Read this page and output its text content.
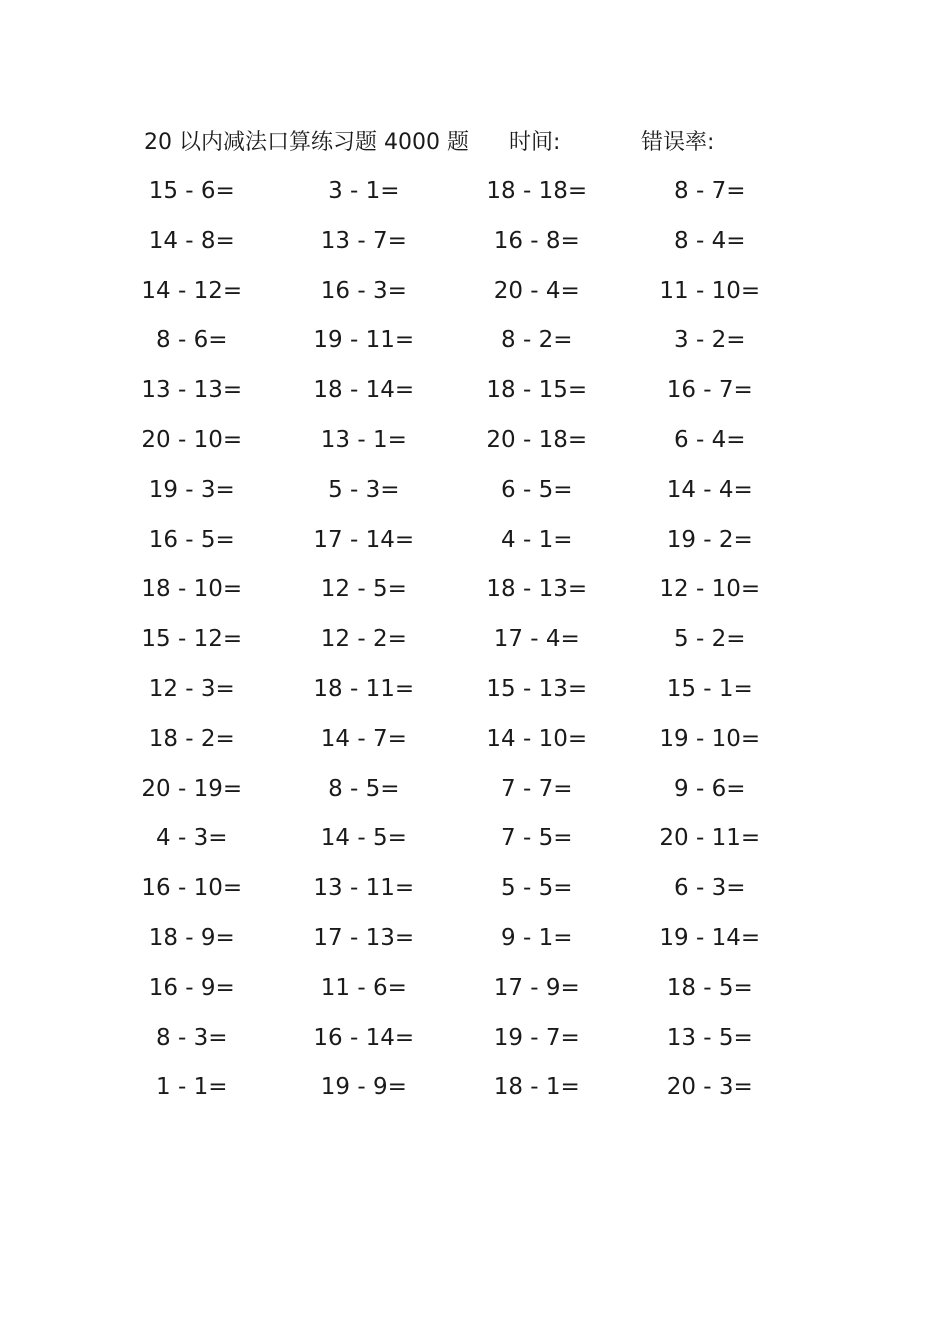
20 以内减法口算练习题 4000 题 时间:	错误率:
15 - 6=	3 - 1=	18 - 18=	8 - 7=
14 - 8=	13 - 7=	16 - 8=	8 - 4=
14 - 12=	16 - 3=	20 - 4=	11 - 10=
8 - 6=	19 - 11=	8 - 2=	3 - 2=
13 - 13=	18 - 14=	18 - 15=	16 - 7=
20 - 10=	13 - 1=	20 - 18=	6 - 4=
19 - 3=	5 - 3=	6 - 5=	14 - 4=
16 - 5=	17 - 14=	4 - 1=	19 - 2=
18 - 10=	12 - 5=	18 - 13=	12 - 10=
15 - 12=	12 - 2=	17 - 4=	5 - 2=
12 - 3=	18 - 11=	15 - 13=	15 - 1=
18 - 2=	14 - 7=	14 - 10=	19 - 10=
20 - 19=	8 - 5=	7 - 7=	9 - 6=
4 - 3=	14 - 5=	7 - 5=	20 - 11=
16 - 10=	13 - 11=	5 - 5=	6 - 3=
18 - 9=	17 - 13=	9 - 1=	19 - 14=
16 - 9=	11 - 6=	17 - 9=	18 - 5=
8 - 3=	16 - 14=	19 - 7=	13 - 5=
1 - 1=	19 - 9=	18 - 1=	20 - 3=
